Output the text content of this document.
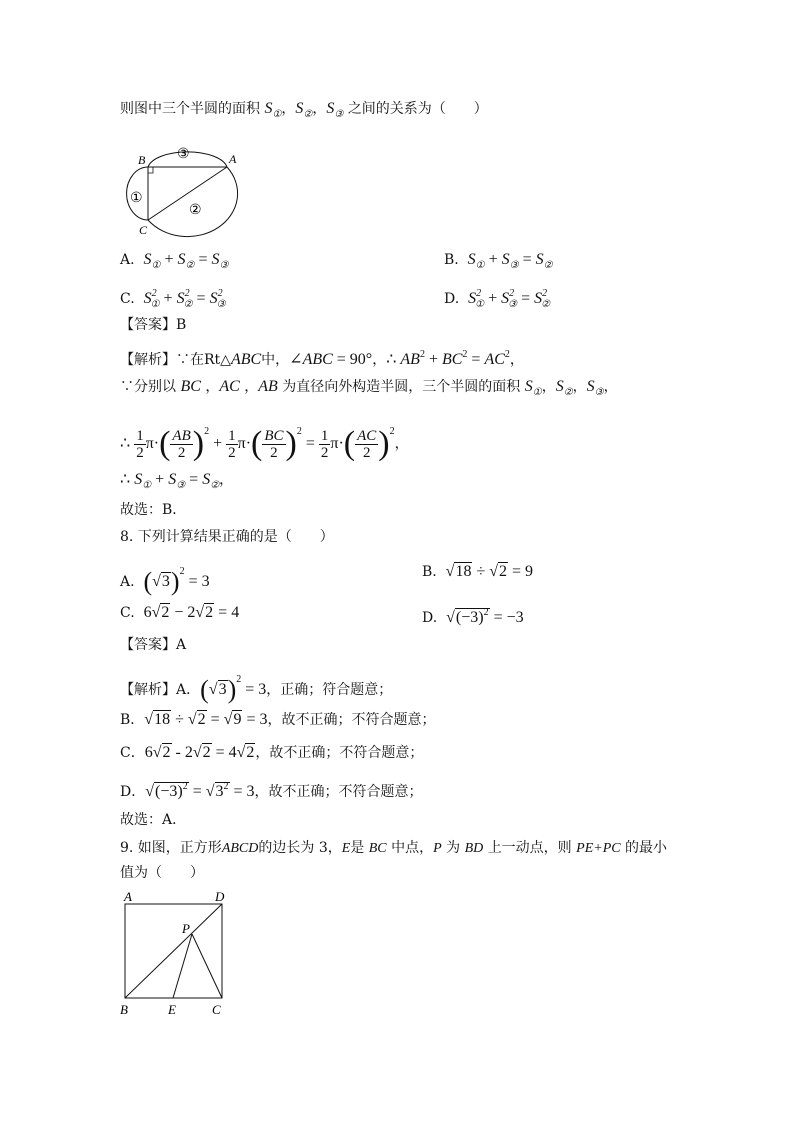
则图中三个半圆的面积 $S_①$，$S_②$，$S_③$ 之间的关系为（　　）
B	A
C
①
②
③
A. $S_① + S_② = S_③$	B. $S_① + S_③ = S_②$
C. $S^2_① + S^2_② = S^2_③$	D. $S^2_① + S^2_③ = S^2_②$
【答案】B
【解析】∵在Rt△ABC中，∠ABC = 90°，∴ $AB^2 + BC^2 = AC^2$，
∵分别以 BC ，AC ，AB 为直径向外构造半圆，三个半圆的面积 $S_①$，$S_②$，$S_③$，
∴ $\frac{1}{2} \pi\cdot( \frac{AB}{2} )^2 + \frac{1}{2} \pi\cdot( \frac{BC}{2} )^2 = \frac{1}{2} \pi\cdot( \frac{AC}{2} )^2$，
∴ $S_① + S_③ = S_②$，
故选：B．
8. 下列计算结果正确的是（　　）
A. $(√3)^2 = 3$
B. √18 ÷ √2 = 9
C. 6√2 − 2√2 = 4	D. $√(-3)^2 = -3$
【答案】A
【解析】A．$(√3)^2 = 3$，正确；符合题意；
B．√18 ÷ √2 = √9 = 3，故不正确；不符合题意；
C．6√2 - 2√2 = 4√2，故不正确；不符合题意；
D．$√(-3)^2 = √3^2 = 3$，故不正确；不符合题意；
故选：A．
9. 如图，正方形ABCD的边长为 3，E是 BC 中点，P 为 BD 上一动点，则 PE+PC 的最小
值为（　　）
A	D
P
B	E	C
